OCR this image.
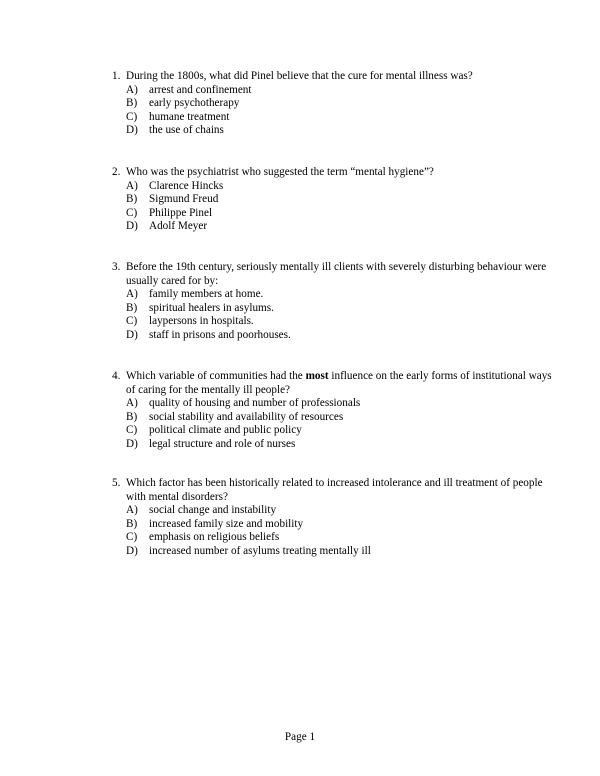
1. During the 1800s, what did Pinel believe that the cure for mental illness was?
A) arrest and confinement
B) early psychotherapy
C) humane treatment
D) the use of chains
2. Who was the psychiatrist who suggested the term “mental hygiene”?
A) Clarence Hincks
B) Sigmund Freud
C) Philippe Pinel
D) Adolf Meyer
3. Before the 19th century, seriously mentally ill clients with severely disturbing behaviour were usually cared for by:
A) family members at home.
B) spiritual healers in asylums.
C) laypersons in hospitals.
D) staff in prisons and poorhouses.
4. Which variable of communities had the most influence on the early forms of institutional ways of caring for the mentally ill people?
A) quality of housing and number of professionals
B) social stability and availability of resources
C) political climate and public policy
D) legal structure and role of nurses
5. Which factor has been historically related to increased intolerance and ill treatment of people with mental disorders?
A) social change and instability
B) increased family size and mobility
C) emphasis on religious beliefs
D) increased number of asylums treating mentally ill
Page 1
